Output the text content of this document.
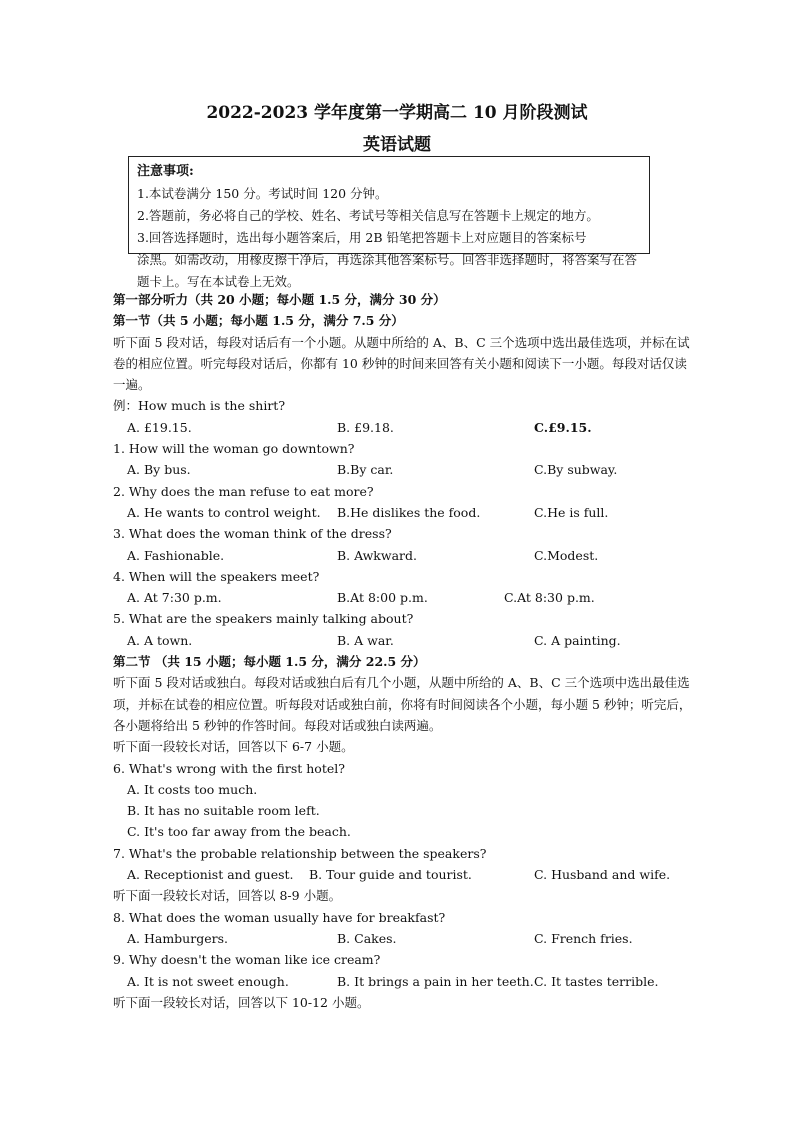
2022-2023 学年度第一学期高二 10 月阶段测试
英语试题
注意事项:
1.本试卷满分 150 分。考试时间 120 分钟。
2.答题前，务必将自己的学校、姓名、考试号等相关信息写在答题卡上规定的地方。
3.回答选择题时，选出每小题答案后，用 2B 铅笔把答题卡上对应题目的答案标号
涂黑。如需改动，用橡皮擦干净后，再选涂其他答案标号。回答非选择题时，将答案写在答题卡上。写在本试卷上无效。
第一部分听力（共 20 小题；每小题 1.5 分，满分 30 分）
第一节（共 5 小题；每小题 1.5 分，满分 7.5 分）
听下面 5 段对话，每段对话后有一个小题。从题中所给的 A、B、C 三个选项中选出最佳选项，并标在试卷的相应位置。听完每段对话后，你都有 10 秒钟的时间来回答有关小题和阅读下一小题。每段对话仅读一遍。
例：How much is the shirt?
A. £19.15.	B. £9.18.	C.£9.15.
1. How will the woman go downtown?
A. By bus.	B.By car.	C.By subway.
2. Why does the man refuse to eat more?
A. He wants to control weight. B.He dislikes the food.	C.He is full.
3. What does the woman think of the dress?
A. Fashionable.	B. Awkward.	C.Modest.
4. When will the speakers meet?
A. At 7:30 p.m.	B.At 8:00 p.m.	C.At 8:30 p.m.
5. What are the speakers mainly talking about?
A. A town.	B. A war.	C. A painting.
第二节 （共 15 小题；每小题 1.5 分，满分 22.5 分）
听下面 5 段对话或独白。每段对话或独白后有几个小题，从题中所给的 A、B、C 三个选项中选出最佳选项，并标在试卷的相应位置。听每段对话或独白前，你将有时间阅读各个小题，每小题 5 秒钟；听完后，各小题将给出 5 秒钟的作答时间。每段对话或独白读两遍。
听下面一段较长对话，回答以下 6-7 小题。
6. What's wrong with the first hotel?
A. It costs too much.
B. It has no suitable room left.
C. It's too far away from the beach.
7. What's the probable relationship between the speakers?
A. Receptionist and guest. B. Tour guide and tourist.	C. Husband and wife.
听下面一段较长对话，回答以 8-9 小题。
8. What does the woman usually have for breakfast?
A. Hamburgers.	B. Cakes.	C. French fries.
9. Why doesn't the woman like ice cream?
A. It is not sweet enough.	B. It brings a pain in her teeth. C. It tastes terrible.
听下面一段较长对话，回答以下 10-12 小题。
